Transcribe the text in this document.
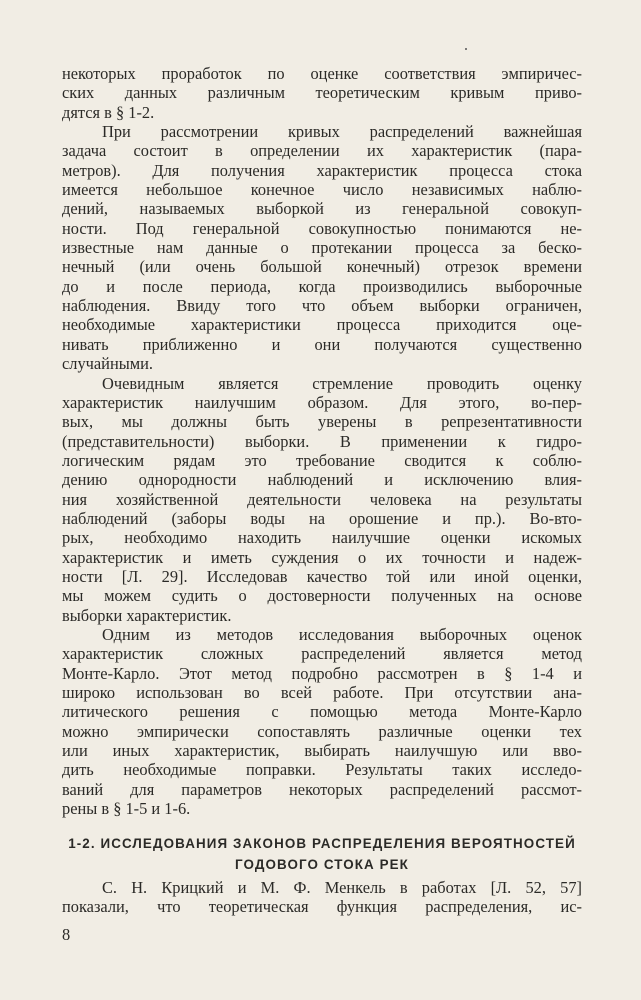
некоторых проработок по оценке соответствия эмпиричес-
ских данных различным теоретическим кривым приво-
дятся в § 1-2.
При рассмотрении кривых распределений важнейшая
задача состоит в определении их характеристик (пара-
метров). Для получения характеристик процесса стока
имеется небольшое конечное число независимых наблю-
дений, называемых выборкой из генеральной совокуп-
ности. Под генеральной совокупностью понимаются не-
известные нам данные о протекании процесса за беско-
нечный (или очень большой конечный) отрезок времени
до и после периода, когда производились выборочные
наблюдения. Ввиду того что объем выборки ограничен,
необходимые характеристики процесса приходится оце-
нивать приближенно и они получаются существенно
случайными.
Очевидным является стремление проводить оценку
характеристик наилучшим образом. Для этого, во-пер-
вых, мы должны быть уверены в репрезентативности
(представительности) выборки. В применении к гидро-
логическим рядам это требование сводится к соблю-
дению однородности наблюдений и исключению влия-
ния хозяйственной деятельности человека на результаты
наблюдений (заборы воды на орошение и пр.). Во-вто-
рых, необходимо находить наилучшие оценки искомых
характеристик и иметь суждения о их точности и надеж-
ности [Л. 29]. Исследовав качество той или иной оценки,
мы можем судить о достоверности полученных на основе
выборки характеристик.
Одним из методов исследования выборочных оценок
характеристик сложных распределений является метод
Монте-Карло. Этот метод подробно рассмотрен в § 1-4 и
широко использован во всей работе. При отсутствии ана-
литического решения с помощью метода Монте-Карло
можно эмпирически сопоставлять различные оценки тех
или иных характеристик, выбирать наилучшую или вво-
дить необходимые поправки. Результаты таких исследо-
ваний для параметров некоторых распределений рассмот-
рены в § 1-5 и 1-6.
1-2. ИССЛЕДОВАНИЯ ЗАКОНОВ РАСПРЕДЕЛЕНИЯ ВЕРОЯТНОСТЕЙ
ГОДОВОГО СТОКА РЕК
С. Н. Крицкий и М. Ф. Менкель в работах [Л. 52, 57]
показали, что теоретическая функция распределения, ис-
8
